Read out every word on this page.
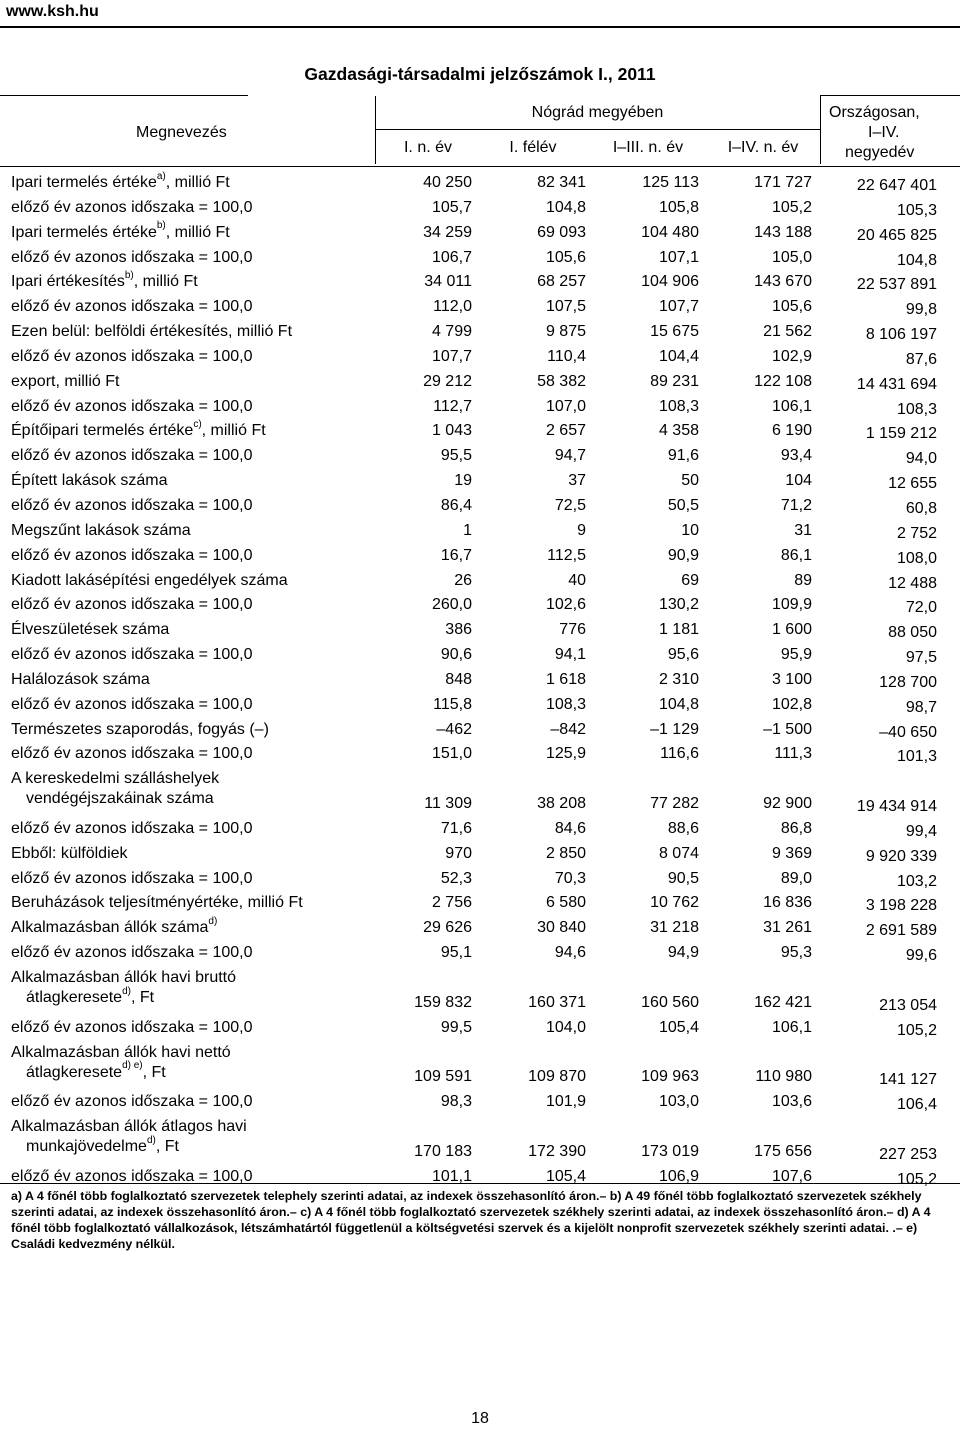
www.ksh.hu
Gazdasági-társadalmi jelzőszámok I., 2011
Megnevezés
Nógrád megyében
I. n. év	I. félév	I–III. n. év	I–IV. n. év
Országosan,
I–IV.
negyedév
Ipari termelés értéke$^{a)}$, millió Ft	40 250	82 341	125 113	171 727	22 647 401
előző év azonos időszaka = 100,0	105,7	104,8	105,8	105,2	105,3
Ipari termelés értéke$^{b)}$, millió Ft	34 259	69 093	104 480	143 188	20 465 825
előző év azonos időszaka = 100,0	106,7	105,6	107,1	105,0	104,8
Ipari értékesítés$^{b)}$, millió Ft	34 011	68 257	104 906	143 670	22 537 891
előző év azonos időszaka = 100,0	112,0	107,5	107,7	105,6	99,8
Ezen belül: belföldi értékesítés, millió Ft	4 799	9 875	15 675	21 562	8 106 197
előző év azonos időszaka = 100,0	107,7	110,4	104,4	102,9	87,6
export, millió Ft	29 212	58 382	89 231	122 108	14 431 694
előző év azonos időszaka = 100,0	112,7	107,0	108,3	106,1	108,3
Építőipari termelés értéke$^{c)}$, millió Ft	1 043	2 657	4 358	6 190	1 159 212
előző év azonos időszaka = 100,0	95,5	94,7	91,6	93,4	94,0
Épített lakások száma	19	37	50	104	12 655
előző év azonos időszaka = 100,0	86,4	72,5	50,5	71,2	60,8
Megszűnt lakások száma	1	9	10	31	2 752
előző év azonos időszaka = 100,0	16,7	112,5	90,9	86,1	108,0
Kiadott lakásépítési engedélyek száma	26	40	69	89	12 488
előző év azonos időszaka = 100,0	260,0	102,6	130,2	109,9	72,0
Élveszületések száma	386	776	1 181	1 600	88 050
előző év azonos időszaka = 100,0	90,6	94,1	95,6	95,9	97,5
Halálozások száma	848	1 618	2 310	3 100	128 700
előző év azonos időszaka = 100,0	115,8	108,3	104,8	102,8	98,7
Természetes szaporodás, fogyás (–)	–462	–842	–1 129	–1 500	–40 650
előző év azonos időszaka = 100,0	151,0	125,9	116,6	111,3	101,3
A kereskedelmi szálláshelyek
vendégéjszakáinak száma	11 309	38 208	77 282	92 900	19 434 914
előző év azonos időszaka = 100,0	71,6	84,6	88,6	86,8	99,4
Ebből: külföldiek	970	2 850	8 074	9 369	9 920 339
előző év azonos időszaka = 100,0	52,3	70,3	90,5	89,0	103,2
Beruházások teljesítményértéke, millió Ft	2 756	6 580	10 762	16 836	3 198 228
Alkalmazásban állók száma$^{d)}$	29 626	30 840	31 218	31 261	2 691 589
előző év azonos időszaka = 100,0	95,1	94,6	94,9	95,3	99,6
Alkalmazásban állók havi bruttó
átlagkeresete$^{d)}$, Ft	159 832	160 371	160 560	162 421	213 054
előző év azonos időszaka = 100,0	99,5	104,0	105,4	106,1	105,2
Alkalmazásban állók havi nettó
átlagkeresete$^{d) e)}$, Ft	109 591	109 870	109 963	110 980	141 127
előző év azonos időszaka = 100,0	98,3	101,9	103,0	103,6	106,4
Alkalmazásban állók átlagos havi
munkajövedelme$^{d)}$, Ft	170 183	172 390	173 019	175 656	227 253
előző év azonos időszaka = 100,0	101,1	105,4	106,9	107,6	105,2
a) A 4 főnél több foglalkoztató szervezetek telephely szerinti adatai, az indexek összehasonlító áron.– b) A 49 főnél több foglalkoztató szervezetek székhely szerinti adatai, az indexek összehasonlító áron.– c) A 4 főnél több foglalkoztató szervezetek székhely szerinti adatai, az indexek összehasonlító áron.– d) A 4 főnél több foglalkoztató vállalkozások, létszámhatártól függetlenül a költségvetési szervek és a kijelölt nonprofit szervezetek székhely szerinti adatai. .– e) Családi kedvezmény nélkül.
18
